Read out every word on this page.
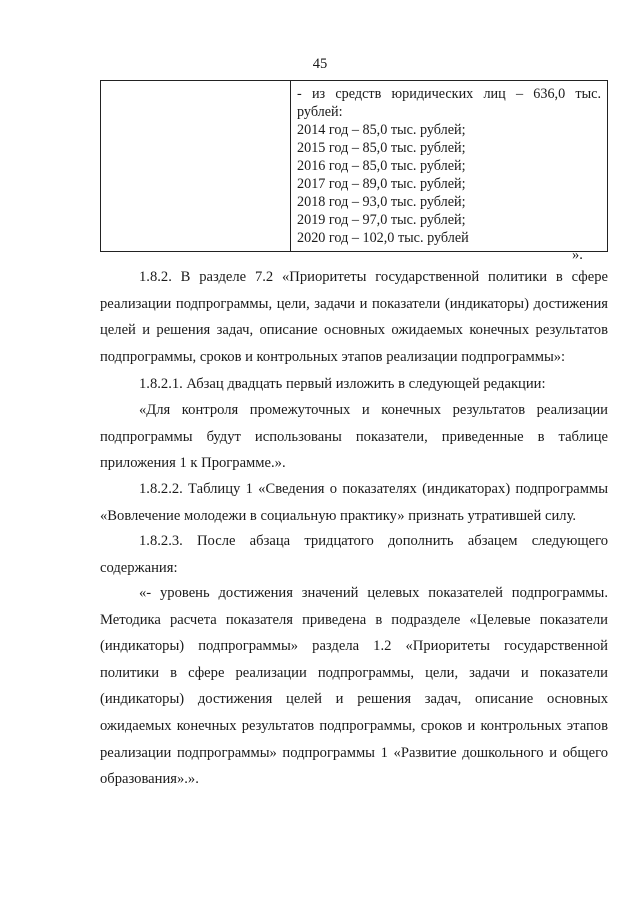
45

- из средств юридических лиц – 636,0 тыс. рублей:
2014 год – 85,0 тыс. рублей;
2015 год – 85,0 тыс. рублей;
2016 год – 85,0 тыс. рублей;
2017 год – 89,0 тыс. рублей;
2018 год – 93,0 тыс. рублей;
2019 год – 97,0 тыс. рублей;
2020 год – 102,0 тыс. рублей
».

1.8.2. В разделе 7.2 «Приоритеты государственной политики в сфере реализации подпрограммы, цели, задачи и показатели (индикаторы) достижения целей и решения задач, описание основных ожидаемых конечных результатов подпрограммы, сроков и контрольных этапов реализации подпрограммы»:

1.8.2.1. Абзац двадцать первый изложить в следующей редакции:

«Для контроля промежуточных и конечных результатов реализации подпрограммы будут использованы показатели, приведенные в таблице приложения 1 к Программе.».

1.8.2.2. Таблицу 1 «Сведения о показателях (индикаторах) подпрограммы «Вовлечение молодежи в социальную практику» признать утратившей силу.

1.8.2.3. После абзаца тридцатого дополнить абзацем следующего содержания:

«- уровень достижения значений целевых показателей подпрограммы. Методика расчета показателя приведена в подразделе «Целевые показатели (индикаторы) подпрограммы» раздела 1.2 «Приоритеты государственной политики в сфере реализации подпрограммы, цели, задачи и показатели (индикаторы) достижения целей и решения задач, описание основных ожидаемых конечных результатов подпрограммы, сроков и контрольных этапов реализации подпрограммы» подпрограммы 1 «Развитие дошкольного и общего образования».».
